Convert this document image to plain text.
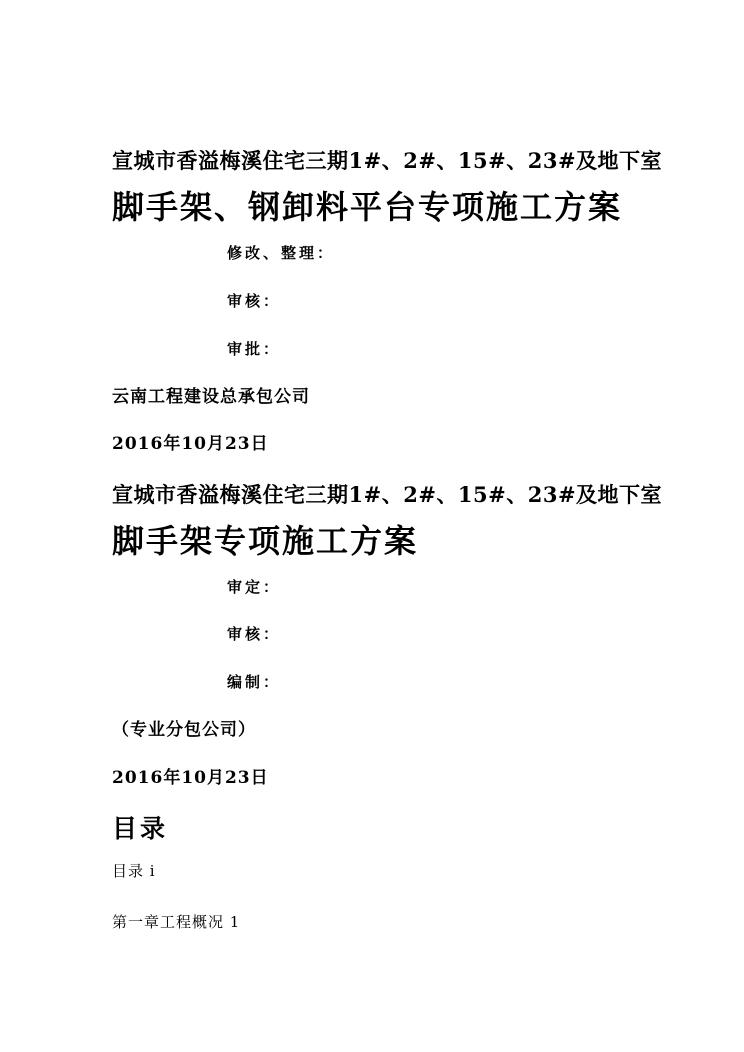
宣城市香溢梅溪住宅三期1#、2#、15#、23#及地下室
脚手架、钢卸料平台专项施工方案
修改、整理：
审核：
审批：
云南工程建设总承包公司
2016年10月23日
宣城市香溢梅溪住宅三期1#、2#、15#、23#及地下室
脚手架专项施工方案
审定：
审核：
编制：
（专业分包公司）
2016年10月23日
目录
目录 i
第一章工程概况 1
